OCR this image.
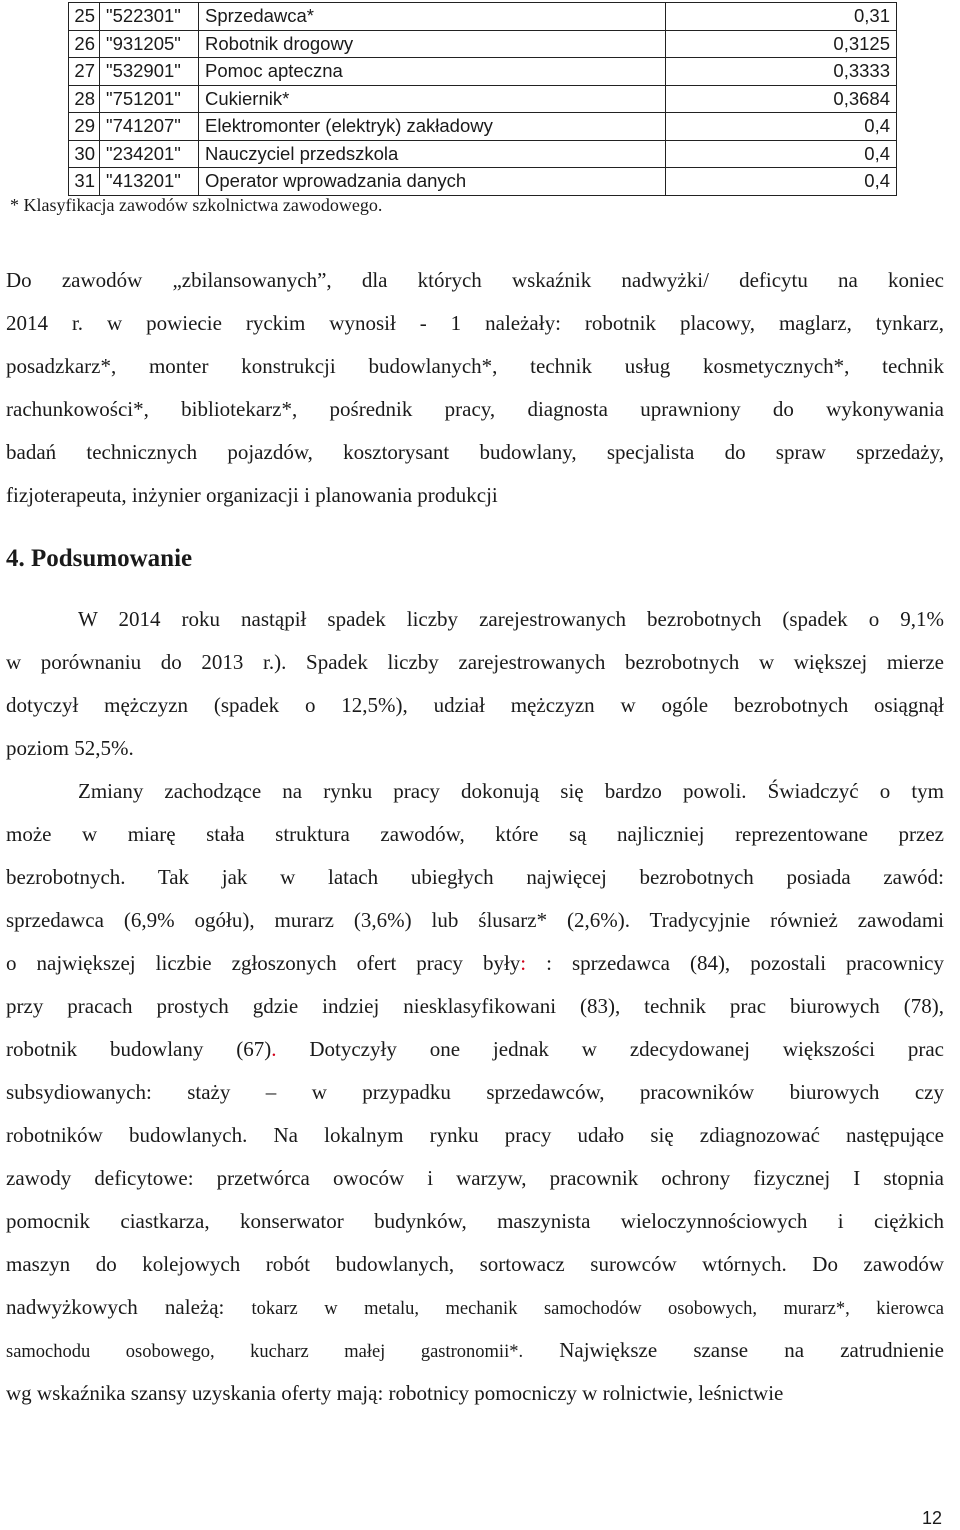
25	"522301"	Sprzedawca*	0,31
26	"931205"	Robotnik drogowy	0,3125
27	"532901"	Pomoc apteczna	0,3333
28	"751201"	Cukiernik*	0,3684
29	"741207"	Elektromonter (elektryk) zakładowy	0,4
30	"234201"	Nauczyciel przedszkola	0,4
31	"413201"	Operator wprowadzania danych	0,4
* Klasyfikacja zawodów szkolnictwa zawodowego.
Do zawodów „zbilansowanych”, dla których wskaźnik nadwyżki/ deficytu na koniec
2014 r. w powiecie ryckim wynosił - 1 należały: robotnik placowy, maglarz, tynkarz,
posadzkarz*, monter konstrukcji budowlanych*, technik usług kosmetycznych*, technik
rachunkowości*, bibliotekarz*, pośrednik pracy, diagnosta uprawniony do wykonywania
badań technicznych pojazdów, kosztorysant budowlany, specjalista do spraw sprzedaży,
fizjoterapeuta, inżynier organizacji i planowania produkcji
4. Podsumowanie
W 2014 roku nastąpił spadek liczby zarejestrowanych bezrobotnych (spadek o 9,1%
w porównaniu do 2013 r.). Spadek liczby zarejestrowanych bezrobotnych w większej mierze
dotyczył mężczyzn (spadek o 12,5%), udział mężczyzn w ogóle bezrobotnych osiągnął
poziom 52,5%.
Zmiany zachodzące na rynku pracy dokonują się bardzo powoli. Świadczyć o tym
może w miarę stała struktura zawodów, które są najliczniej reprezentowane przez
bezrobotnych. Tak jak w latach ubiegłych najwięcej bezrobotnych posiada zawód:
sprzedawca (6,9% ogółu), murarz (3,6%) lub ślusarz* (2,6%). Tradycyjnie również zawodami
o największej liczbie zgłoszonych ofert pracy były: : sprzedawca (84), pozostali pracownicy
przy pracach prostych gdzie indziej niesklasyfikowani (83), technik prac biurowych (78),
robotnik budowlany (67). Dotyczyły one jednak w zdecydowanej większości prac
subsydiowanych: staży – w przypadku sprzedawców, pracowników biurowych czy
robotników budowlanych. Na lokalnym rynku pracy udało się zdiagnozować następujące
zawody deficytowe: przetwórca owoców i warzyw, pracownik ochrony fizycznej I stopnia
pomocnik ciastkarza, konserwator budynków, maszynista wieloczynnościowych i ciężkich
maszyn do kolejowych robót budowlanych, sortowacz surowców wtórnych. Do zawodów
nadwyżkowych należą: tokarz w metalu, mechanik samochodów osobowych, murarz*, kierowca
samochodu osobowego, kucharz małej gastronomii*. Największe szanse na zatrudnienie
wg wskaźnika szansy uzyskania oferty mają: robotnicy pomocniczy w rolnictwie, leśnictwie
12
